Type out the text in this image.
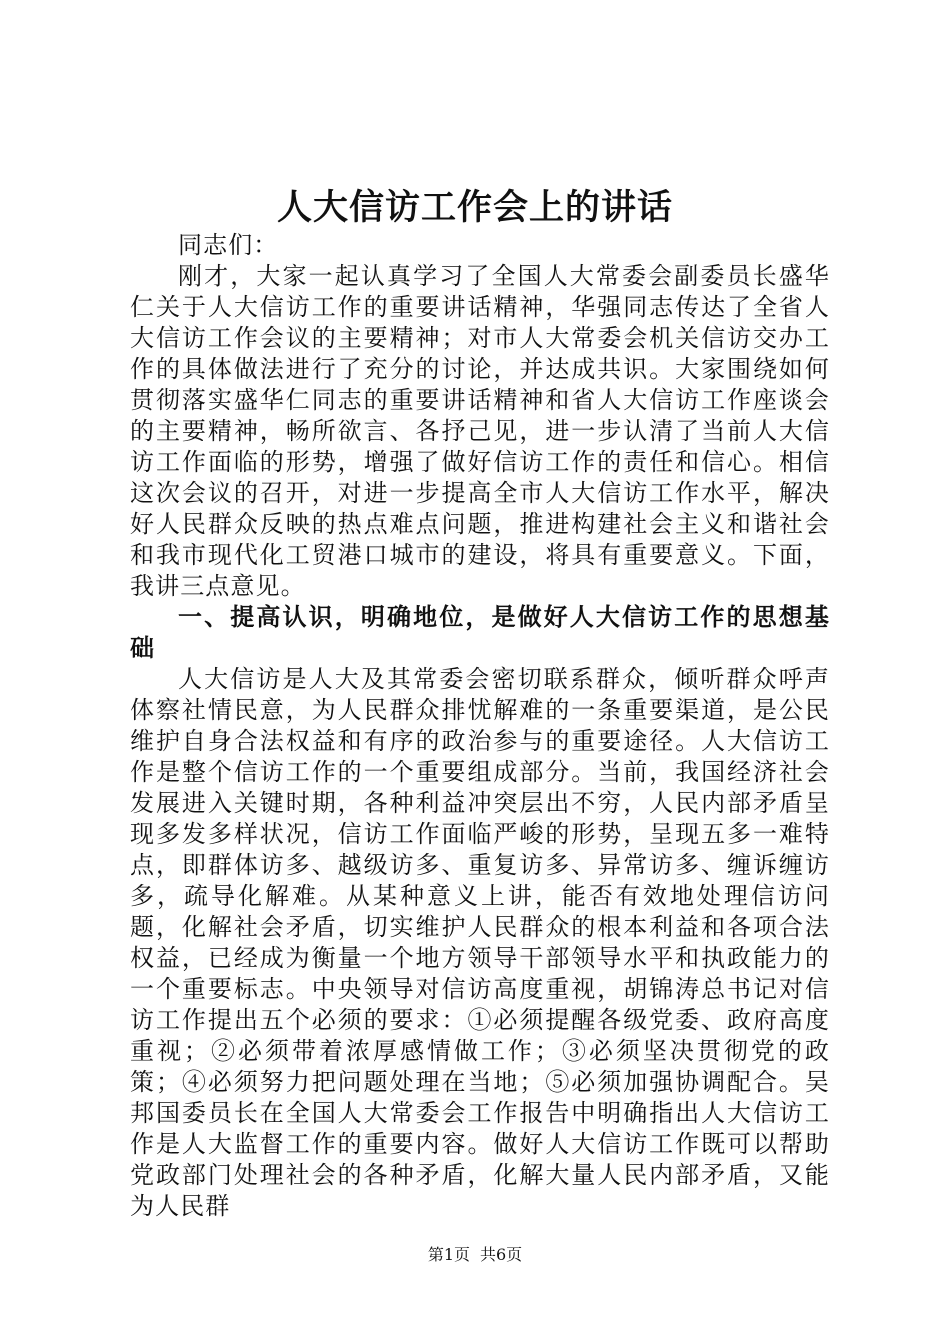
人大信访工作会上的讲话

同志们：

刚才，大家一起认真学习了全国人大常委会副委员长盛华仁关于人大信访工作的重要讲话精神，华强同志传达了全省人大信访工作会议的主要精神；对市人大常委会机关信访交办工作的具体做法进行了充分的讨论，并达成共识。大家围绕如何贯彻落实盛华仁同志的重要讲话精神和省人大信访工作座谈会的主要精神，畅所欲言、各抒己见，进一步认清了当前人大信访工作面临的形势，增强了做好信访工作的责任和信心。相信这次会议的召开，对进一步提高全市人大信访工作水平，解决好人民群众反映的热点难点问题，推进构建社会主义和谐社会和我市现代化工贸港口城市的建设，将具有重要意义。下面，我讲三点意见。

一、提高认识，明确地位，是做好人大信访工作的思想基础

人大信访是人大及其常委会密切联系群众，倾听群众呼声体察社情民意，为人民群众排忧解难的一条重要渠道，是公民维护自身合法权益和有序的政治参与的重要途径。人大信访工作是整个信访工作的一个重要组成部分。当前，我国经济社会发展进入关键时期，各种利益冲突层出不穷，人民内部矛盾呈现多发多样状况，信访工作面临严峻的形势，呈现五多一难特点，即群体访多、越级访多、重复访多、异常访多、缠诉缠访多，疏导化解难。从某种意义上讲，能否有效地处理信访问题，化解社会矛盾，切实维护人民群众的根本利益和各项合法权益，已经成为衡量一个地方领导干部领导水平和执政能力的一个重要标志。中央领导对信访高度重视，胡锦涛总书记对信访工作提出五个必须的要求：①必须提醒各级党委、政府高度重视；②必须带着浓厚感情做工作；③必须坚决贯彻党的政策；④必须努力把问题处理在当地；⑤必须加强协调配合。吴邦国委员长在全国人大常委会工作报告中明确指出人大信访工作是人大监督工作的重要内容。做好人大信访工作既可以帮助党政部门处理社会的各种矛盾，化解大量人民内部矛盾，又能为人民群

第1页 共6页
